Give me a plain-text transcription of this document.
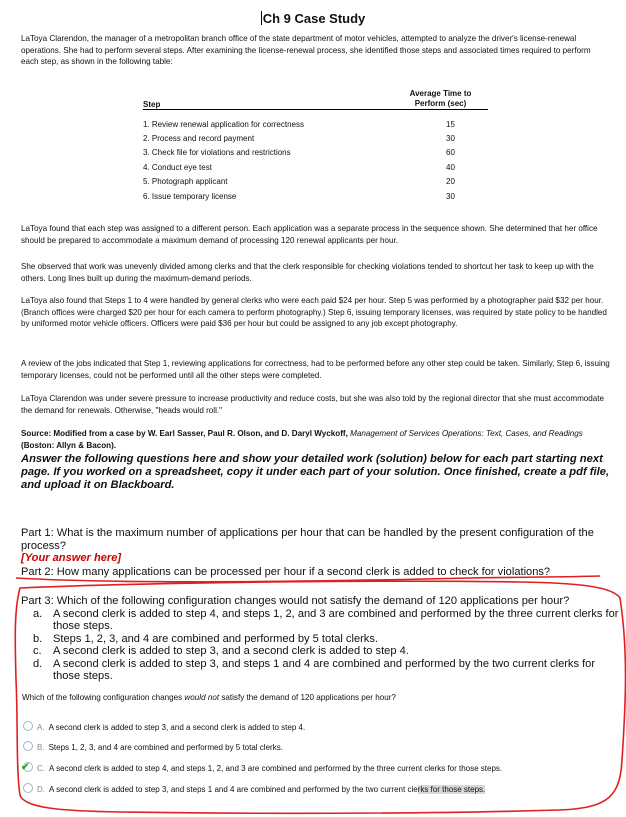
Ch 9 Case Study
LaToya Clarendon, the manager of a metropolitan branch office of the state department of motor vehicles, attempted to analyze the driver's license-renewal operations. She had to perform several steps. After examining the license-renewal process, she identified those steps and associated times required to perform each step, as shown in the following table:
Step	Average Time to
Perform (sec)

1. Review renewal application for correctness	15
2. Process and record payment	30
3. Check file for violations and restrictions	60
4. Conduct eye test	40
5. Photograph applicant	20
6. Issue temporary license	30
LaToya found that each step was assigned to a different person. Each application was a separate process in the sequence shown. She determined that her office should be prepared to accommodate a maximum demand of processing 120 renewal applicants per hour.
She observed that work was unevenly divided among clerks and that the clerk responsible for checking violations tended to shortcut her task to keep up with the others. Long lines built up during the maximum-demand periods.
LaToya also found that Steps 1 to 4 were handled by general clerks who were each paid $24 per hour. Step 5 was performed by a photographer paid $32 per hour. (Branch offices were charged $20 per hour for each camera to perform photography.) Step 6, issuing temporary licenses, was required by state policy to be handled by uniformed motor vehicle officers. Officers were paid $36 per hour but could be assigned to any job except photography.
A review of the jobs indicated that Step 1, reviewing applications for correctness, had to be performed before any other step could be taken. Similarly, Step 6, issuing temporary licenses, could not be performed until all the other steps were completed.
LaToya Clarendon was under severe pressure to increase productivity and reduce costs, but she was also told by the regional director that she must accommodate the demand for renewals. Otherwise, "heads would roll."
Source: Modified from a case by W. Earl Sasser, Paul R. Olson, and D. Daryl Wyckoff, Management of Services Operations: Text, Cases, and Readings (Boston: Allyn & Bacon).
Answer the following questions here and show your detailed work (solution) below for each part starting next page. If you worked on a spreadsheet, copy it under each part of your solution. Once finished, create a pdf file, and upload it on Blackboard.
Part 1: What is the maximum number of applications per hour that can be handled by the present configuration of the process?
[Your answer here]
Part 2: How many applications can be processed per hour if a second clerk is added to check for violations?
Part 3: Which of the following configuration changes would not satisfy the demand of 120 applications per hour?
a. A second clerk is added to step 4, and steps 1, 2, and 3 are combined and performed by the three current clerks for those steps.
b. Steps 1, 2, 3, and 4 are combined and performed by 5 total clerks.
c. A second clerk is added to step 3, and a second clerk is added to step 4.
d. A second clerk is added to step 3, and steps 1 and 4 are combined and performed by the two current clerks for those steps.
Which of the following configuration changes would not satisfy the demand of 120 applications per hour?
A. A second clerk is added to step 3, and a second clerk is added to step 4.
B. Steps 1, 2, 3, and 4 are combined and performed by 5 total clerks.
✔ C. A second clerk is added to step 4, and steps 1, 2, and 3 are combined and performed by the three current clerks for those steps.
D. A second clerk is added to step 3, and steps 1 and 4 are combined and performed by the two current clerks for those steps.
